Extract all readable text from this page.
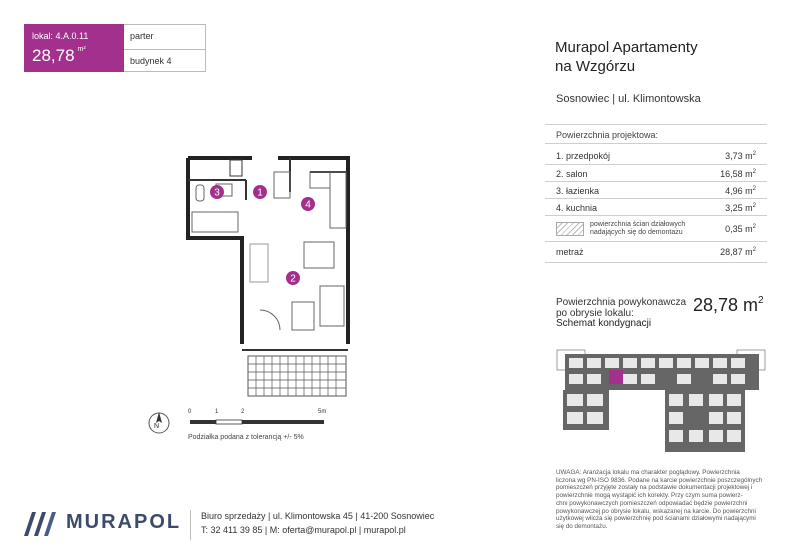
lokal: 4.A.0.11
28,78 $^{m^2}$
parter
budynek 4
Murapol Apartamenty
na Wzgórzu
Sosnowiec | ul. Klimontowska
Powierzchnia projektowa:
1. przedpokój	3,73 $m^2$
2. salon	16,58 $m^2$
3. łazienka	4,96 $m^2$
4. kuchnia	3,25 $m^2$
powierzchnia ścian działowych
nadających się do demontażu	0,35 $m^2$
metraż	28,87 $m^2$
Powierzchnia powykonawcza
po obrysie lokalu:	28,78 $m^2$
Schemat kondygnacji
UWAGA: Aranżacja lokalu ma charakter poglądowy. Powierzchnia
liczona wg PN-ISO 9836. Podane na karcie powierzchnie poszczególnych
pomieszczeń przyjęte zostały na podstawie dokumentacji projektowej i
powierzchnie mogą wystąpić ich korekty. Przy czym suma powierz-
chni powykonawczych pomieszczeń odpowiadać będzie powierzchni
powykonawczej po obrysie lokalu, wskazanej na karcie. Do powierzchni
użytkowej wlicza się powierzchnię pod ścianami działowymi nadającymi
się do demontażu.
1
2
3
4
N
0	1	2	5m
Podziałka podana z tolerancją +/- 5%
MURAPOL Biuro sprzedaży | ul. Klimontowska 45 | 41-200 Sosnowiec
T: 32 411 39 85 | M: oferta@murapol.pl | murapol.pl
